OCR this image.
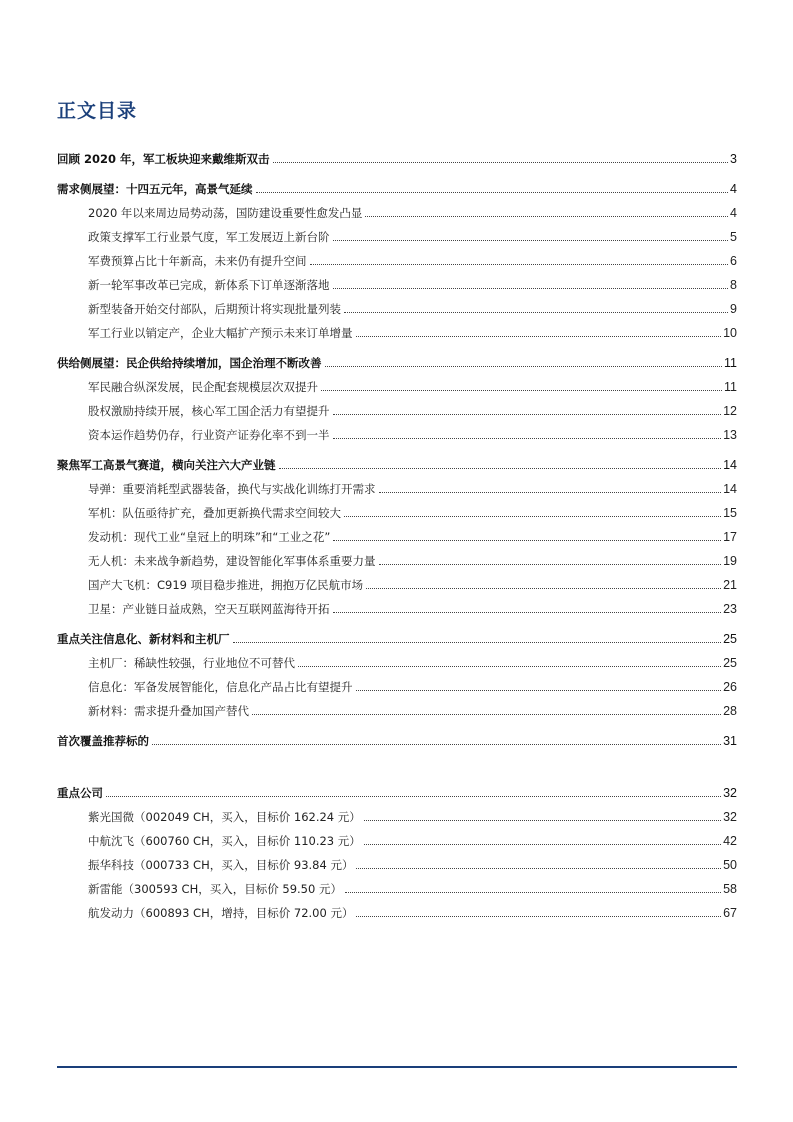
正文目录
回顾 2020 年，军工板块迎来戴维斯双击	3
需求侧展望：十四五元年，高景气延续	4
2020 年以来周边局势动荡，国防建设重要性愈发凸显	4
政策支撑军工行业景气度，军工发展迈上新台阶	5
军费预算占比十年新高，未来仍有提升空间	6
新一轮军事改革已完成，新体系下订单逐渐落地	8
新型装备开始交付部队，后期预计将实现批量列装	9
军工行业以销定产，企业大幅扩产预示未来订单增量	10
供给侧展望：民企供给持续增加，国企治理不断改善	11
军民融合纵深发展，民企配套规模层次双提升	11
股权激励持续开展，核心军工国企活力有望提升	12
资本运作趋势仍存，行业资产证券化率不到一半	13
聚焦军工高景气赛道，横向关注六大产业链	14
导弹：重要消耗型武器装备，换代与实战化训练打开需求	14
军机：队伍亟待扩充，叠加更新换代需求空间较大	15
发动机：现代工业“皇冠上的明珠”和“工业之花”	17
无人机：未来战争新趋势，建设智能化军事体系重要力量	19
国产大飞机：C919 项目稳步推进，拥抱万亿民航市场	21
卫星：产业链日益成熟，空天互联网蓝海待开拓	23
重点关注信息化、新材料和主机厂	25
主机厂：稀缺性较强，行业地位不可替代	25
信息化：军备发展智能化，信息化产品占比有望提升	26
新材料：需求提升叠加国产替代	28
首次覆盖推荐标的	31
重点公司	32
紫光国微（002049 CH，买入，目标价 162.24 元）	32
中航沈飞（600760 CH，买入，目标价 110.23 元）	42
振华科技（000733 CH，买入，目标价 93.84 元）	50
新雷能（300593 CH，买入，目标价 59.50 元）	58
航发动力（600893 CH，增持，目标价 72.00 元）	67
